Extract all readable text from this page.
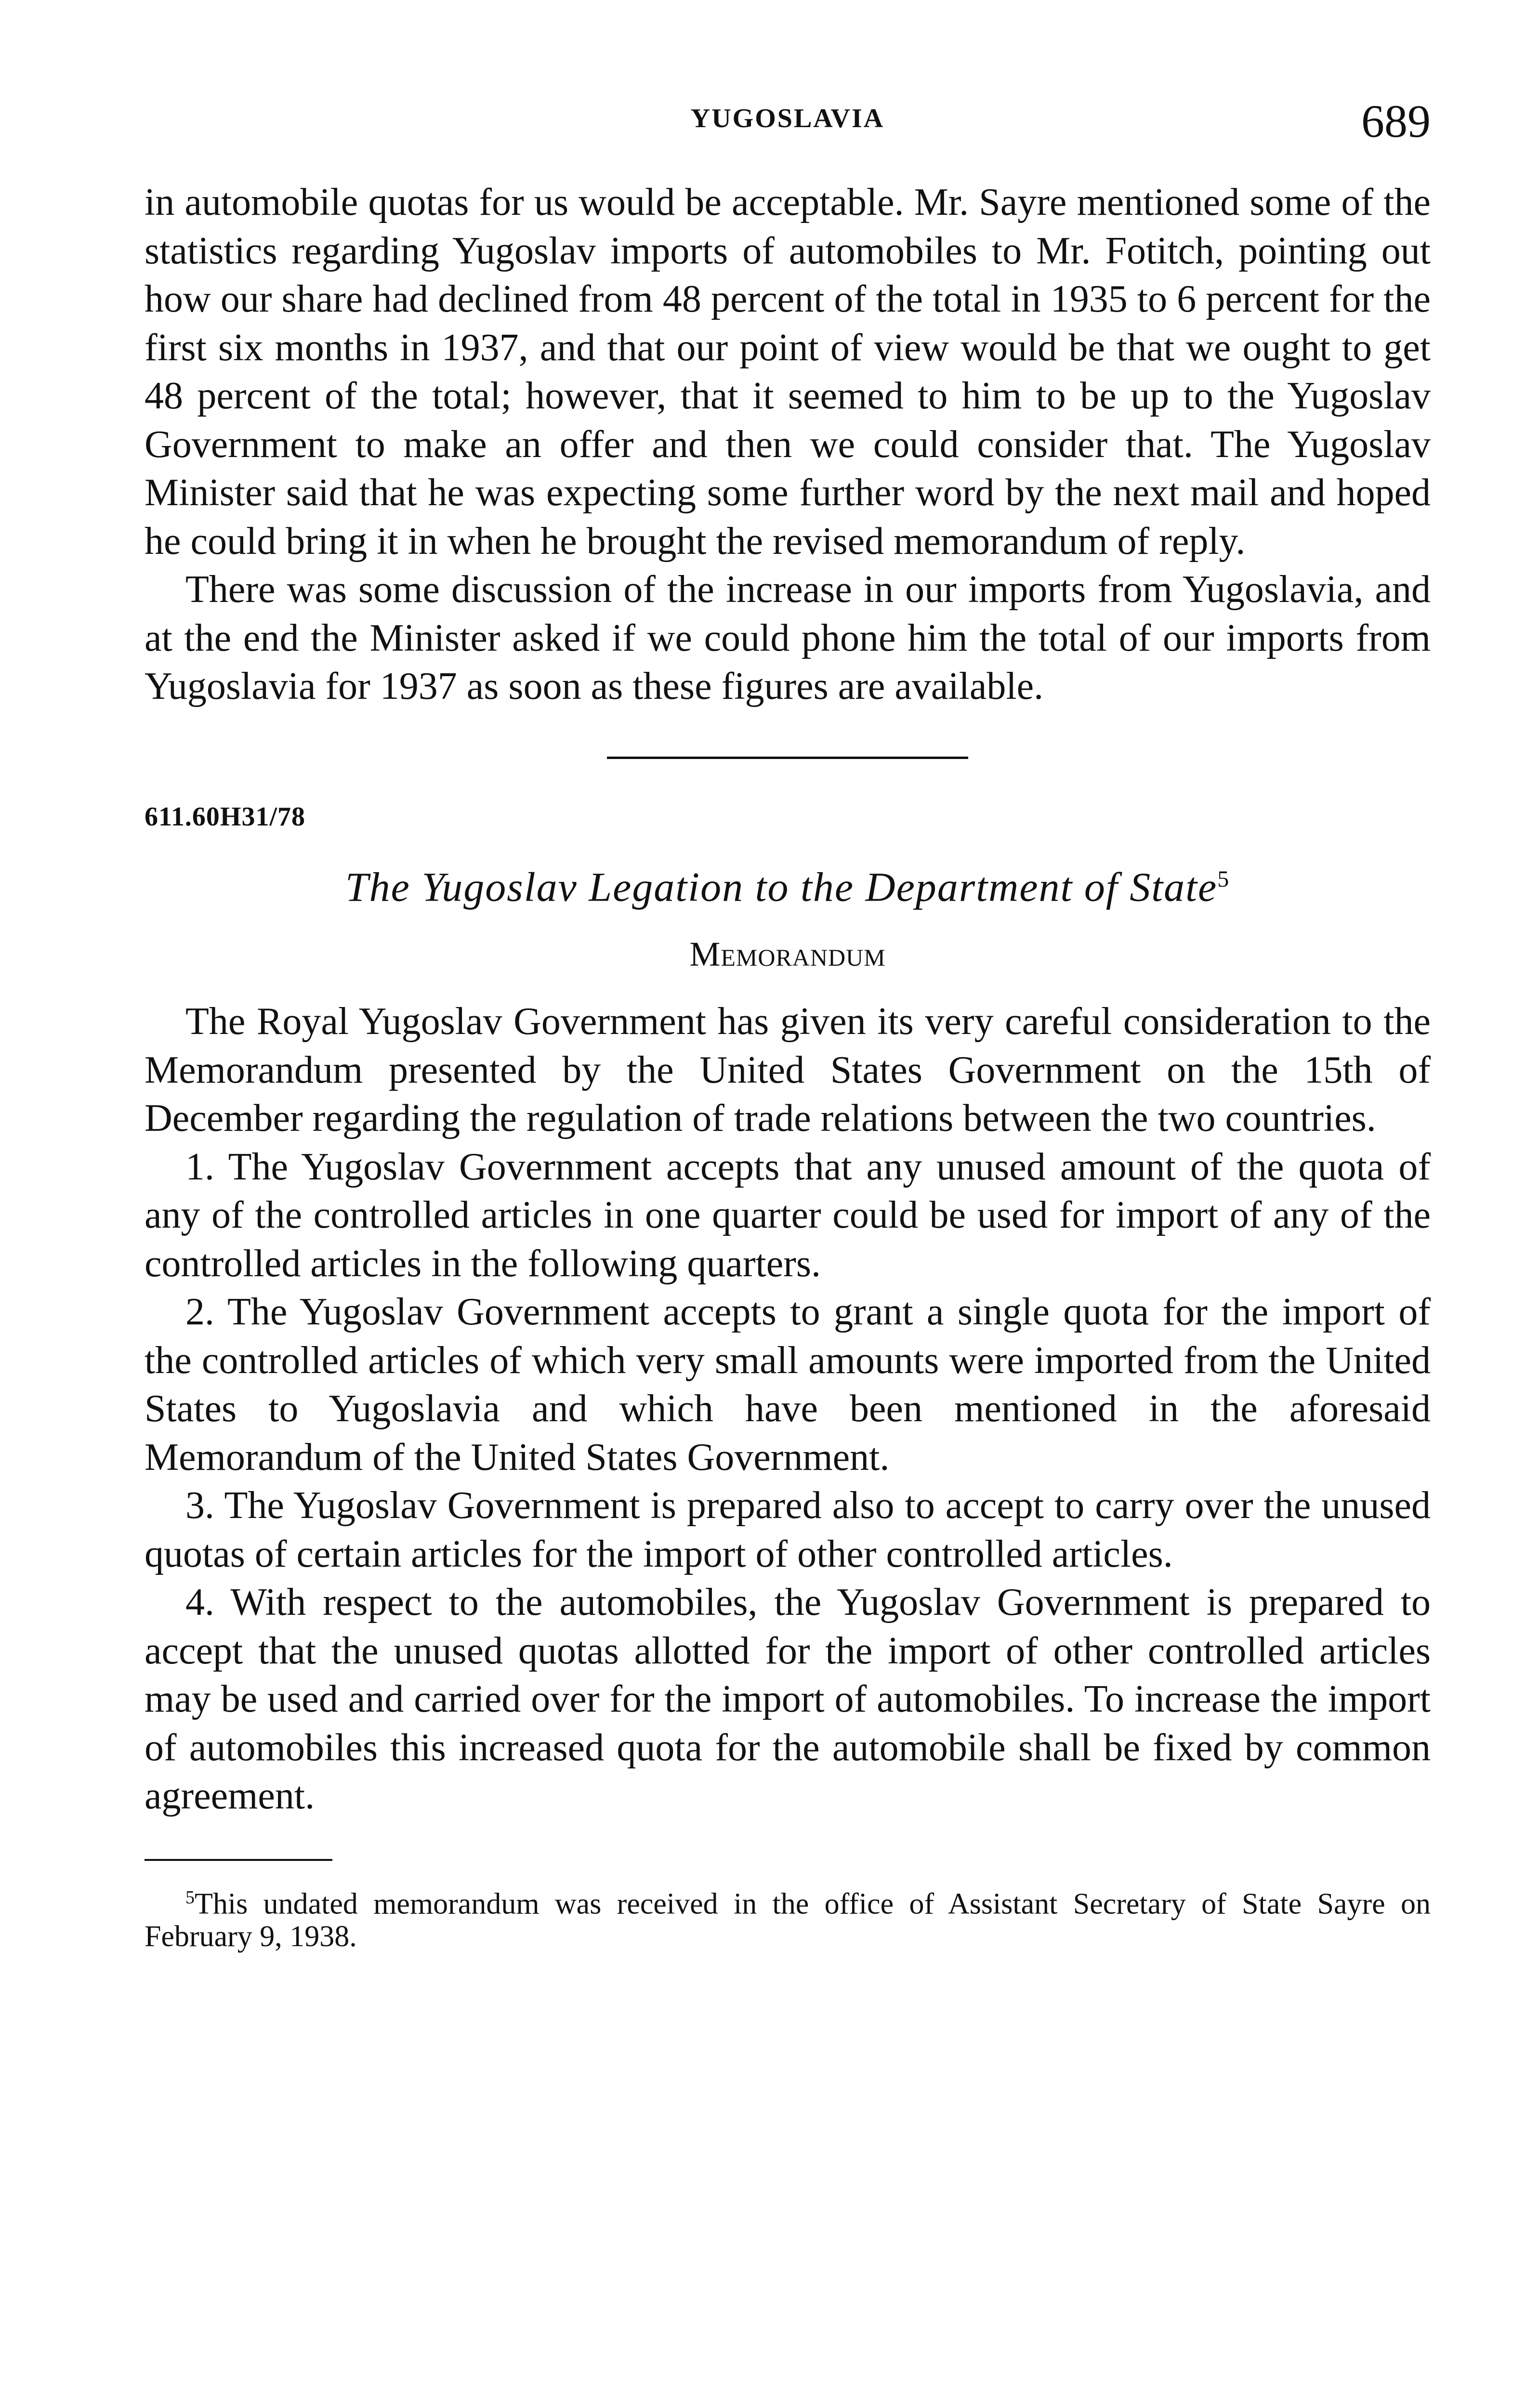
YUGOSLAVIA	689

in automobile quotas for us would be acceptable. Mr. Sayre mentioned some of the statistics regarding Yugoslav imports of automobiles to Mr. Fotitch, pointing out how our share had declined from 48 percent of the total in 1935 to 6 percent for the first six months in 1937, and that our point of view would be that we ought to get 48 percent of the total; however, that it seemed to him to be up to the Yugoslav Government to make an offer and then we could consider that. The Yugoslav Minister said that he was expecting some further word by the next mail and hoped he could bring it in when he brought the revised memorandum of reply.

There was some discussion of the increase in our imports from Yugoslavia, and at the end the Minister asked if we could phone him the total of our imports from Yugoslavia for 1937 as soon as these figures are available.

611.60H31/78
The Yugoslav Legation to the Department of State$^5$
Memorandum

The Royal Yugoslav Government has given its very careful consideration to the Memorandum presented by the United States Government on the 15th of December regarding the regulation of trade relations between the two countries.

1. The Yugoslav Government accepts that any unused amount of the quota of any of the controlled articles in one quarter could be used for import of any of the controlled articles in the following quarters.

2. The Yugoslav Government accepts to grant a single quota for the import of the controlled articles of which very small amounts were imported from the United States to Yugoslavia and which have been mentioned in the aforesaid Memorandum of the United States Government.

3. The Yugoslav Government is prepared also to accept to carry over the unused quotas of certain articles for the import of other controlled articles.

4. With respect to the automobiles, the Yugoslav Government is prepared to accept that the unused quotas allotted for the import of other controlled articles may be used and carried over for the import of automobiles. To increase the import of automobiles this increased quota for the automobile shall be fixed by common agreement.

$^5$This undated memorandum was received in the office of Assistant Secretary of State Sayre on February 9, 1938.
